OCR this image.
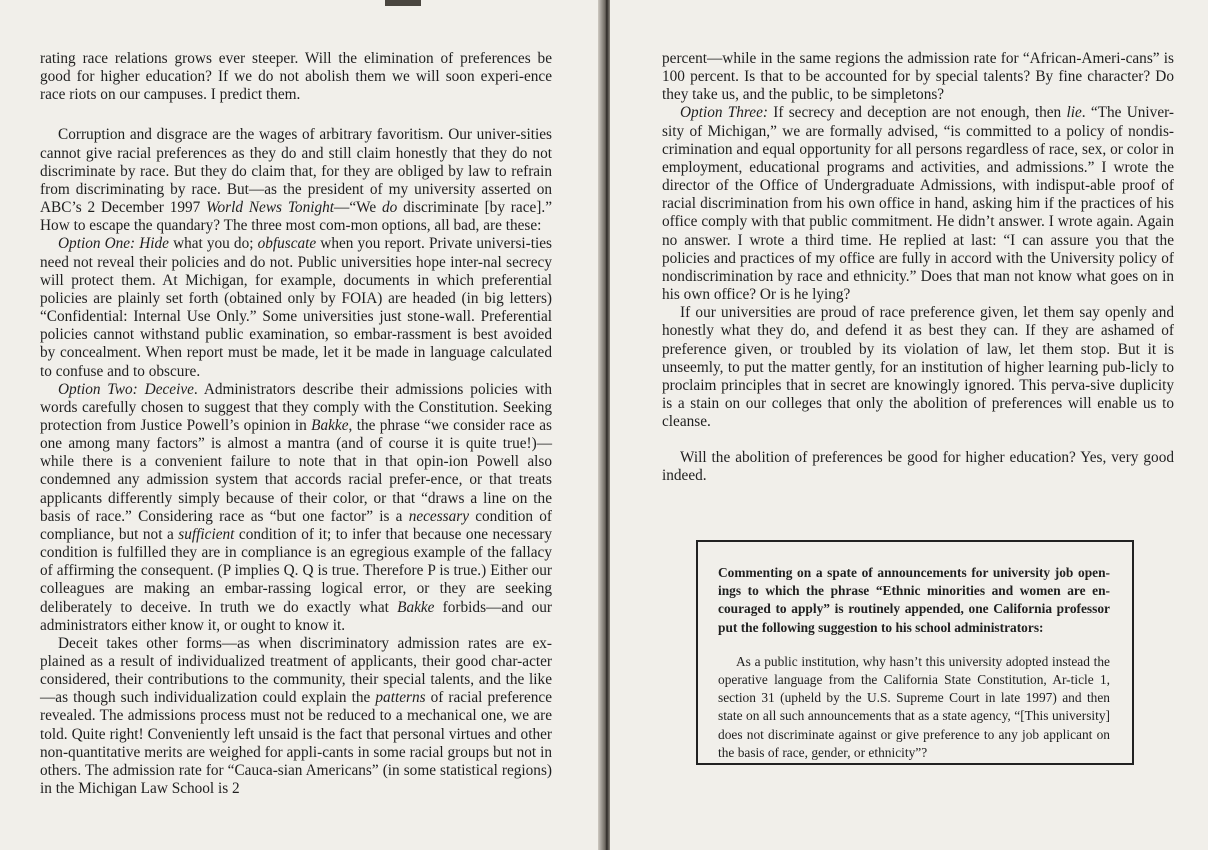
rating race relations grows ever steeper. Will the elimination of preferences be good for higher education? If we do not abolish them we will soon experi-ence race riots on our campuses. I predict them.

Corruption and disgrace are the wages of arbitrary favoritism. Our univer-sities cannot give racial preferences as they do and still claim honestly that they do not discriminate by race. But they do claim that, for they are obliged by law to refrain from discriminating by race. But—as the president of my university asserted on ABC’s 2 December 1997 World News Tonight—“We do discriminate [by race].” How to escape the quandary? The three most com-mon options, all bad, are these:

Option One: Hide what you do; obfuscate when you report. Private universi-ties need not reveal their policies and do not. Public universities hope inter-nal secrecy will protect them. At Michigan, for example, documents in which preferential policies are plainly set forth (obtained only by FOIA) are headed (in big letters) “Confidential: Internal Use Only.” Some universities just stone-wall. Preferential policies cannot withstand public examination, so embar-rassment is best avoided by concealment. When report must be made, let it be made in language calculated to confuse and to obscure.

Option Two: Deceive. Administrators describe their admissions policies with words carefully chosen to suggest that they comply with the Constitution. Seeking protection from Justice Powell’s opinion in Bakke, the phrase “we consider race as one among many factors” is almost a mantra (and of course it is quite true!)—while there is a convenient failure to note that in that opin-ion Powell also condemned any admission system that accords racial prefer-ence, or that treats applicants differently simply because of their color, or that “draws a line on the basis of race.” Considering race as “but one factor” is a necessary condition of compliance, but not a sufficient condition of it; to infer that because one necessary condition is fulfilled they are in compliance is an egregious example of the fallacy of affirming the consequent. (P implies Q. Q is true. Therefore P is true.) Either our colleagues are making an embar-rassing logical error, or they are seeking deliberately to deceive. In truth we do exactly what Bakke forbids—and our administrators either know it, or ought to know it.

Deceit takes other forms—as when discriminatory admission rates are ex-plained as a result of individualized treatment of applicants, their good char-acter considered, their contributions to the community, their special talents, and the like—as though such individualization could explain the patterns of racial preference revealed. The admissions process must not be reduced to a mechanical one, we are told. Quite right! Conveniently left unsaid is the fact that personal virtues and other non-quantitative merits are weighed for appli-cants in some racial groups but not in others. The admission rate for “Cauca-sian Americans” (in some statistical regions) in the Michigan Law School is 2

percent—while in the same regions the admission rate for “African-Ameri-cans” is 100 percent. Is that to be accounted for by special talents? By fine character? Do they take us, and the public, to be simpletons?

Option Three: If secrecy and deception are not enough, then lie. “The Univer-sity of Michigan,” we are formally advised, “is committed to a policy of nondis-crimination and equal opportunity for all persons regardless of race, sex, or color in employment, educational programs and activities, and admissions.” I wrote the director of the Office of Undergraduate Admissions, with indisput-able proof of racial discrimination from his own office in hand, asking him if the practices of his office comply with that public commitment. He didn’t answer. I wrote again. Again no answer. I wrote a third time. He replied at last: “I can assure you that the policies and practices of my office are fully in accord with the University policy of nondiscrimination by race and ethnicity.” Does that man not know what goes on in his own office? Or is he lying?

If our universities are proud of race preference given, let them say openly and honestly what they do, and defend it as best they can. If they are ashamed of preference given, or troubled by its violation of law, let them stop. But it is unseemly, to put the matter gently, for an institution of higher learning pub-licly to proclaim principles that in secret are knowingly ignored. This perva-sive duplicity is a stain on our colleges that only the abolition of preferences will enable us to cleanse.

Will the abolition of preferences be good for higher education? Yes, very good indeed.

Commenting on a spate of announcements for university job open-ings to which the phrase “Ethnic minorities and women are en-couraged to apply” is routinely appended, one California professor put the following suggestion to his school administrators:

As a public institution, why hasn’t this university adopted instead the operative language from the California State Constitution, Ar-ticle 1, section 31 (upheld by the U.S. Supreme Court in late 1997) and then state on all such announcements that as a state agency, “[This university] does not discriminate against or give preference to any job applicant on the basis of race, gender, or ethnicity”?
